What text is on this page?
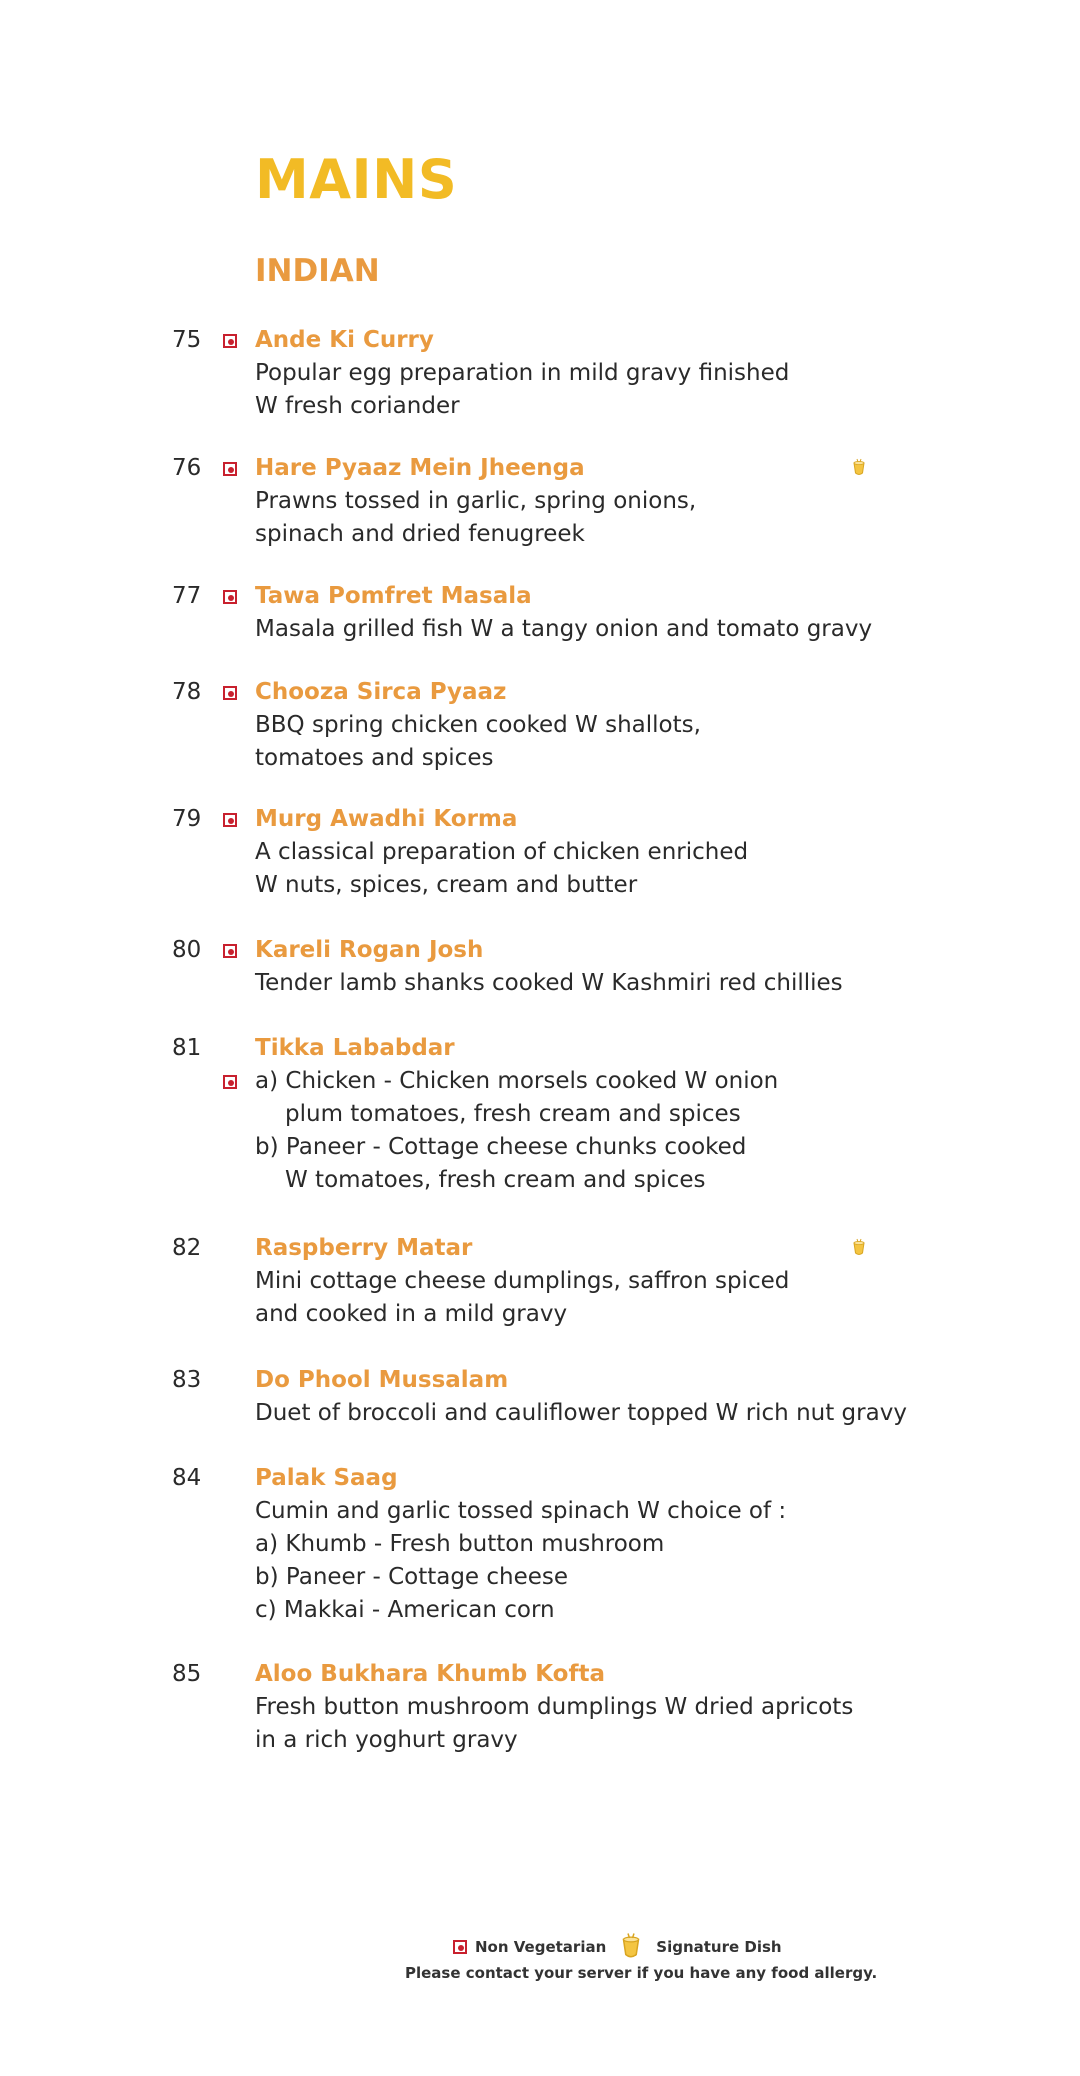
MAINS
INDIAN
75 Ande Ki Curry
Popular egg preparation in mild gravy finished
W fresh coriander
76 Hare Pyaaz Mein Jheenga
Prawns tossed in garlic, spring onions,
spinach and dried fenugreek
77 Tawa Pomfret Masala
Masala grilled fish W a tangy onion and tomato gravy
78 Chooza Sirca Pyaaz
BBQ spring chicken cooked W shallots,
tomatoes and spices
79 Murg Awadhi Korma
A classical preparation of chicken enriched
W nuts, spices, cream and butter
80 Kareli Rogan Josh
Tender lamb shanks cooked W Kashmiri red chillies
81 Tikka Lababdar
a) Chicken - Chicken morsels cooked W onion
plum tomatoes, fresh cream and spices
b) Paneer - Cottage cheese chunks cooked
W tomatoes, fresh cream and spices
82 Raspberry Matar
Mini cottage cheese dumplings, saffron spiced
and cooked in a mild gravy
83 Do Phool Mussalam
Duet of broccoli and cauliflower topped W rich nut gravy
84 Palak Saag
Cumin and garlic tossed spinach W choice of :
a) Khumb - Fresh button mushroom
b) Paneer - Cottage cheese
c) Makkai - American corn
85 Aloo Bukhara Khumb Kofta
Fresh button mushroom dumplings W dried apricots
in a rich yoghurt gravy
Non Vegetarian	Signature Dish
Please contact your server if you have any food allergy.
